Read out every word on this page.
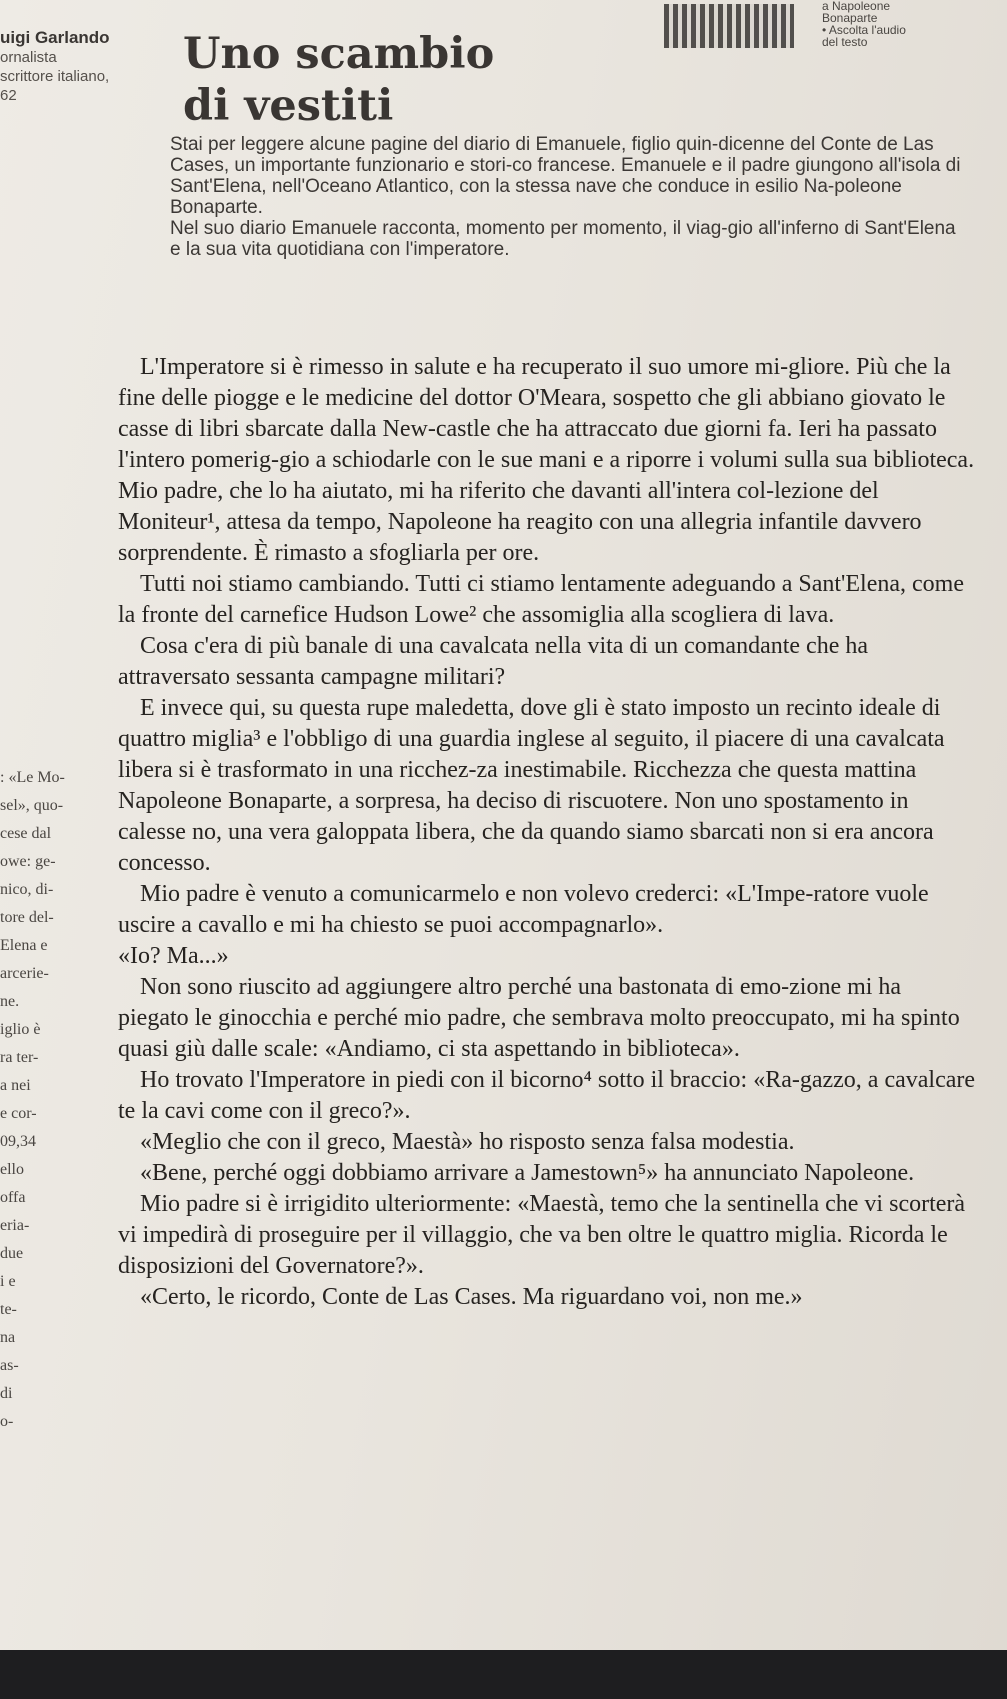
uigi Garlando
ornalista
scrittore italiano,
62
Uno scambio
di vestiti
a Napoleone
Bonaparte
• Ascolta l'audio
del testo

Stai per leggere alcune pagine del diario di Emanuele, figlio quin-dicenne del Conte de Las Cases, un importante funzionario e stori-co francese. Emanuele e il padre giungono all'isola di Sant'Elena, nell'Oceano Atlantico, con la stessa nave che conduce in esilio Na-poleone Bonaparte.

Nel suo diario Emanuele racconta, momento per momento, il viag-gio all'inferno di Sant'Elena e la sua vita quotidiana con l'imperatore.

: «Le Mo-
sel», quo-
cese dal
owe: ge-
nico, di-
tore del-
Elena e
arcerie-
ne.
iglio è
ra ter-
a nei
e cor-
09,34
ello
offa
eria-
due
i e
te-
na
as-
di
o-

L'Imperatore si è rimesso in salute e ha recuperato il suo umore mi-gliore. Più che la fine delle piogge e le medicine del dottor O'Meara, sospetto che gli abbiano giovato le casse di libri sbarcate dalla New-castle che ha attraccato due giorni fa. Ieri ha passato l'intero pomerig-gio a schiodarle con le sue mani e a riporre i volumi sulla sua biblioteca. Mio padre, che lo ha aiutato, mi ha riferito che davanti all'intera col-lezione del Moniteur¹, attesa da tempo, Napoleone ha reagito con una allegria infantile davvero sorprendente. È rimasto a sfogliarla per ore.

Tutti noi stiamo cambiando. Tutti ci stiamo lentamente adeguando a Sant'Elena, come la fronte del carnefice Hudson Lowe² che assomiglia alla scogliera di lava.

Cosa c'era di più banale di una cavalcata nella vita di un comandante che ha attraversato sessanta campagne militari?

E invece qui, su questa rupe maledetta, dove gli è stato imposto un recinto ideale di quattro miglia³ e l'obbligo di una guardia inglese al seguito, il piacere di una cavalcata libera si è trasformato in una ricchez-za inestimabile. Ricchezza che questa mattina Napoleone Bonaparte, a sorpresa, ha deciso di riscuotere. Non uno spostamento in calesse no, una vera galoppata libera, che da quando siamo sbarcati non si era ancora concesso.

Mio padre è venuto a comunicarmelo e non volevo crederci: «L'Impe-ratore vuole uscire a cavallo e mi ha chiesto se puoi accompagnarlo».

«Io? Ma...»

Non sono riuscito ad aggiungere altro perché una bastonata di emo-zione mi ha piegato le ginocchia e perché mio padre, che sembrava molto preoccupato, mi ha spinto quasi giù dalle scale: «Andiamo, ci sta aspettando in biblioteca».

Ho trovato l'Imperatore in piedi con il bicorno⁴ sotto il braccio: «Ra-gazzo, a cavalcare te la cavi come con il greco?».

«Meglio che con il greco, Maestà» ho risposto senza falsa modestia.

«Bene, perché oggi dobbiamo arrivare a Jamestown⁵» ha annunciato Napoleone.

Mio padre si è irrigidito ulteriormente: «Maestà, temo che la sentinella che vi scorterà vi impedirà di proseguire per il villaggio, che va ben oltre le quattro miglia. Ricorda le disposizioni del Governatore?».

«Certo, le ricordo, Conte de Las Cases. Ma riguardano voi, non me.»
